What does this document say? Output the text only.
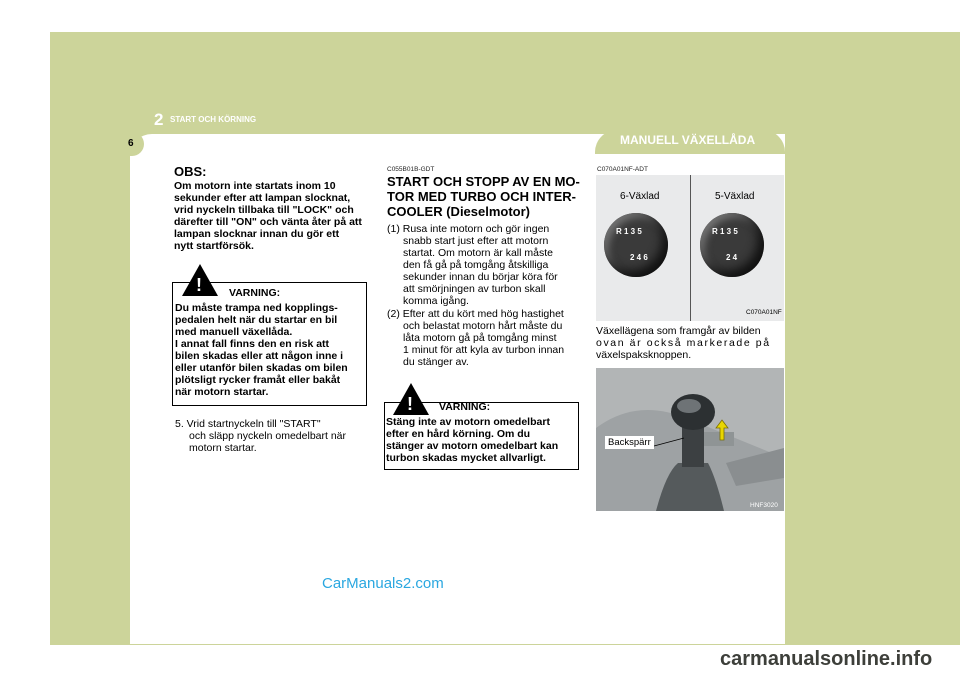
2 START OCH KÖRNING
6	MANUELL VÄXELLÅDA
OBS:
Om motorn inte startats inom 10
sekunder efter att lampan slocknat,
vrid nyckeln tillbaka till "LOCK" och
därefter till "ON" och vänta åter på att
lampan slocknar innan du gör ett
nytt startförsök.
!	VARNING:
Du måste trampa ned kopplings-
pedalen helt när du startar en bil
med manuell växellåda.
I annat fall finns den en risk att
bilen skadas eller att någon inne i
eller utanför bilen skadas om bilen
plötsligt rycker framåt eller bakåt
när motorn startar.
5. Vrid startnyckeln till "START"
och släpp nyckeln omedelbart när
motorn startar.
C055B01B-GDT
START OCH STOPP AV EN MO-
TOR MED TURBO OCH INTER-
COOLER (Dieselmotor)
(1) Rusa inte motorn och gör ingen
snabb start just efter att motorn
startat. Om motorn är kall måste
den få gå på tomgång åtskilliga
sekunder innan du börjar köra för
att smörjningen av turbon skall
komma igång.
(2) Efter att du kört med hög hastighet
och belastat motorn hårt måste du
låta motorn gå på tomgång minst
1 minut för att kyla av turbon innan
du stänger av.
! VARNING:
Stäng inte av motorn omedelbart
efter en hård körning. Om du
stänger av motorn omedelbart kan
turbon skadas mycket allvarligt.
C070A01NF-ADT
6-Växlad	5-Växlad
R 1 3 5
2 4 6
R 1 3 5
2 4
C070A01NF
Växellägena som framgår av bilden
ovan är också markerade på
växelspaksknoppen.
Backspärr
HNF3020
CarManuals2.com
carmanualsonline.info
